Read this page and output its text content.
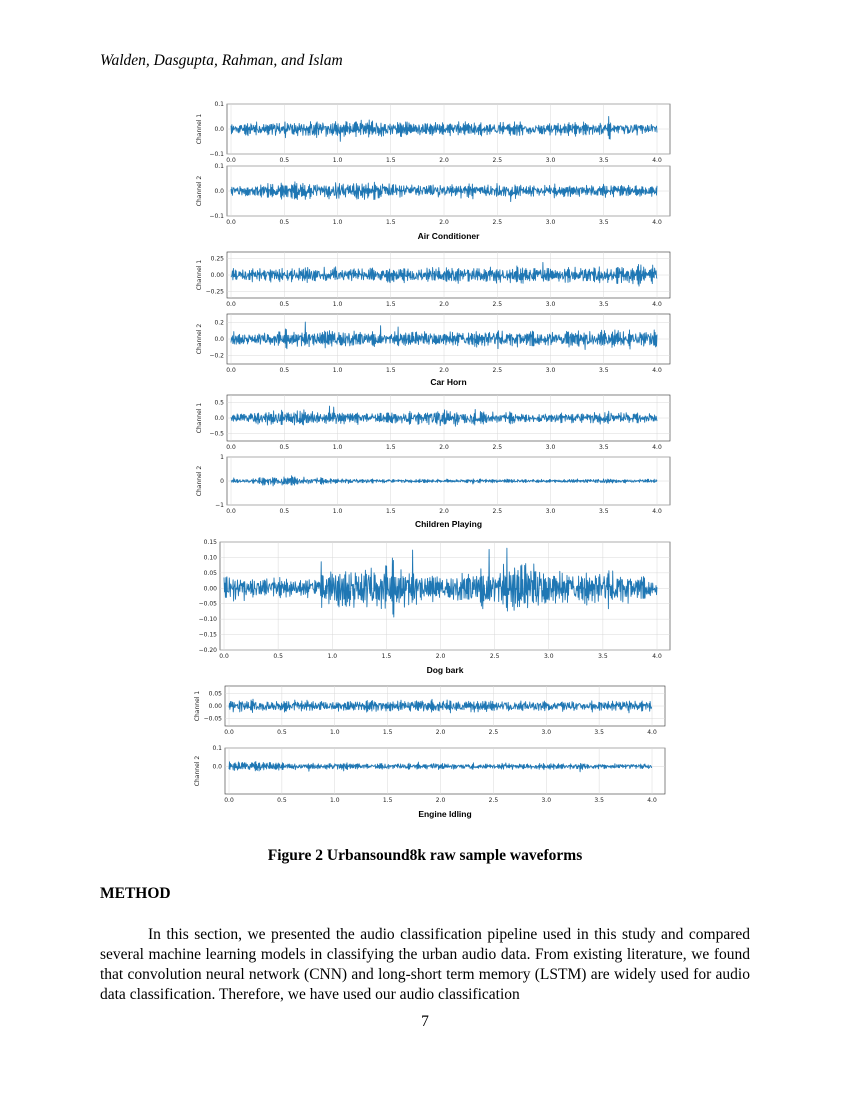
Walden, Dasgupta, Rahman, and Islam
0.0	0.5	1.0	1.5	2.0	2.5	3.0	3.5	4.0
0.1
0.0
−0.1
Channel 1
0.0	0.5	1.0	1.5	2.0	2.5	3.0	3.5	4.0
0.1
0.0
−0.1
Channel 2
Air Conditioner
0.0	0.5	1.0	1.5	2.0	2.5	3.0	3.5	4.0
0.25
0.00
−0.25
Channel 1
0.0	0.5	1.0	1.5	2.0	2.5	3.0	3.5	4.0
0.2
0.0
−0.2
Channel 2
Car Horn
0.0	0.5	1.0	1.5	2.0	2.5	3.0	3.5	4.0
0.5
0.0
−0.5
Channel 1
0.0	0.5	1.0	1.5	2.0	2.5	3.0	3.5	4.0
1
0
−1
Channel 2
Children Playing
0.0	0.5	1.0	1.5	2.0	2.5	3.0	3.5	4.0
0.15
0.10
0.05
0.00
−0.05
−0.10
−0.15
−0.20
Dog bark
0.0	0.5	1.0	1.5	2.0	2.5	3.0	3.5	4.0
0.05
0.00
−0.05
Channel 1
0.0	0.5	1.0	1.5	2.0	2.5	3.0	3.5	4.0
0.1
0.0
Channel 2
Engine Idling
Figure 2 Urbansound8k raw sample waveforms
METHOD

In this section, we presented the audio classification pipeline used in this study and compared several machine learning models in classifying the urban audio data. From existing literature, we found that convolution neural network (CNN) and long-short term memory (LSTM) are widely used for audio data classification. Therefore, we have used our audio classification

7
